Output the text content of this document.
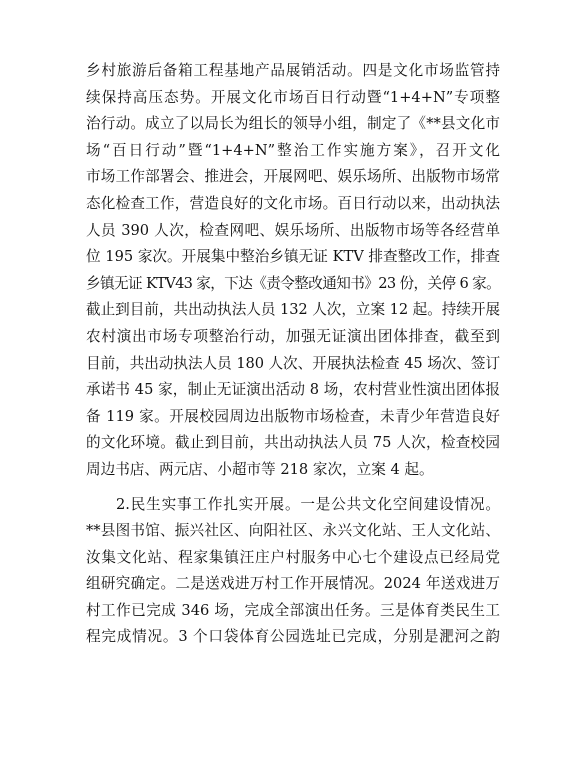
乡村旅游后备箱工程基地产品展销活动。四是文化市场监管持
续保持高压态势。开展文化市场百日行动暨“1+4+N”专项整
治行动。成立了以局长为组长的领导小组，制定了《**县文化市
场“百日行动”暨“1+4+N”整治工作实施方案》，召开文化
市场工作部署会、推进会，开展网吧、娱乐场所、出版物市场常
态化检查工作，营造良好的文化市场。百日行动以来，出动执法
人员 390 人次，检查网吧、娱乐场所、出版物市场等各经营单
位 195 家次。开展集中整治乡镇无证 KTV 排查整改工作，排查
乡镇无证 KTV43 家，下达《责令整改通知书》23 份，关停 6 家。
截止到目前，共出动执法人员 132 人次，立案 12 起。持续开展
农村演出市场专项整治行动，加强无证演出团体排查，截至到
目前，共出动执法人员 180 人次、开展执法检查 45 场次、签订
承诺书 45 家，制止无证演出活动 8 场，农村营业性演出团体报
备 119 家。开展校园周边出版物市场检查，未青少年营造良好
的文化环境。截止到目前，共出动执法人员 75 人次，检查校园
周边书店、两元店、小超市等 218 家次，立案 4 起。
2.民生实事工作扎实开展。一是公共文化空间建设情况。
**县图书馆、振兴社区、向阳社区、永兴文化站、王人文化站、
汝集文化站、程家集镇汪庄户村服务中心七个建设点已经局党
组研究确定。二是送戏进万村工作开展情况。2024 年送戏进万
村工作已完成 346 场，完成全部演出任务。三是体育类民生工
程完成情况。3 个口袋体育公园选址已完成，分别是淝河之韵
